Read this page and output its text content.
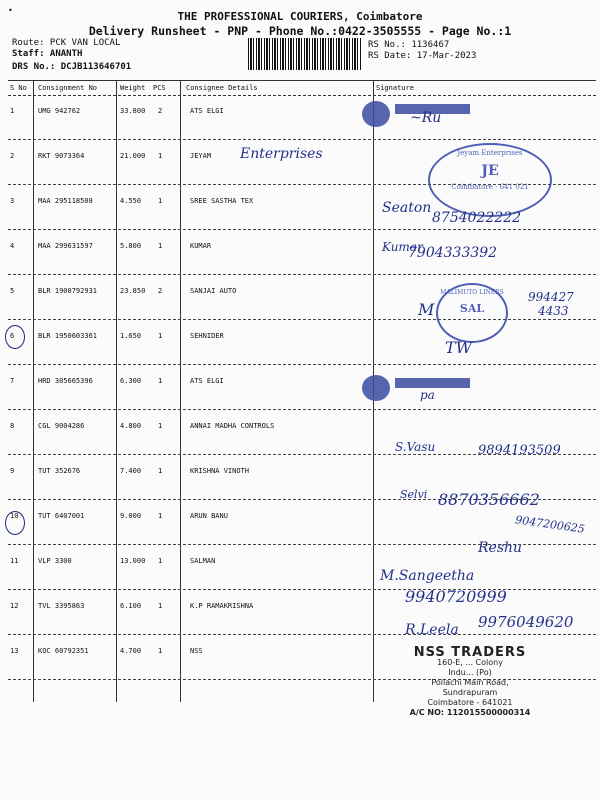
THE PROFESSIONAL COURIERS, Coimbatore
Delivery Runsheet - PNP - Phone No.:0422-3505555 - Page No.:1
•
Route: PCK VAN LOCAL
Staff: ANANTH
DRS No.: DCJB113646701
RS No.: 1136467
RS Date: 17-Mar-2023
S No Consignment No	Weight PCS	Consignee Details	Signature
1	UMG 942762	33.800 2	ATS ELGI
2	RKT 9073364	21.000 1	JEYAM
3	MAA 295118508	4.550 1	SREE SASTHA TEX
4	MAA 299631597	5.800 1	KUMAR
5	BLR 1900792931	23.850 2	SANJAI AUTO
6	BLR 1950603361	1.650 1	SEHNIDER
7	HRD 305665396	6.300 1	ATS ELGI
8	CGL 9004286	4.800 1	ANNAI MADHA CONTROLS
9	TUT 352676	7.400 1	KRISHNA VINOTH
10	TUT 6407001	9.000 1	ARUN BANU
11	VLP 3300	13.000 1	SALMAN
12	TVL 3395863	6.100 1	K.P RAMAKRISHNA
13	KOC 60792351	4.700 1	NSS
~Ru
Enterprises	Jeyam Enterprises
JE
Coimbatore - 641 021
Seaton
8754022222
Kumar
7904333392
MALIMUTO LINERS
SAL
994427
4433
M
TW
pa
S.Vasu	9894193509
Selvi 8870356662
9047200625
Reshu
M.Sangeetha
9940720999
R.Leela 9976049620
NSS TRADERS
160-E, ... Colony
Indu... (Po)
Pollachi Main Road,
Sundrapuram
Coimbatore - 641021
A/C NO: 112015500000314
